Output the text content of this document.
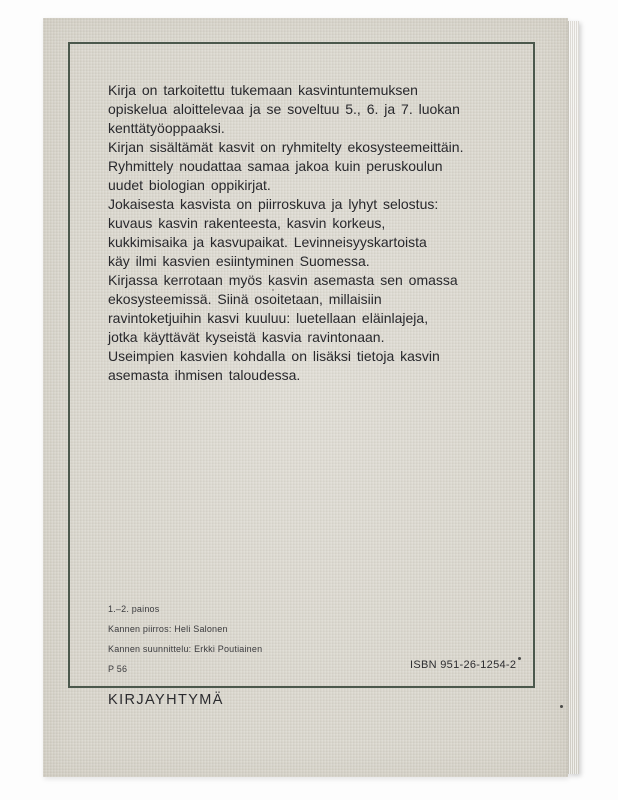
Kirja on tarkoitettu tukemaan kasvintuntemuksen
opiskelua aloittelevaa ja se soveltuu 5., 6. ja 7. luokan
kenttätyöoppaaksi.
Kirjan sisältämät kasvit on ryhmitelty ekosysteemeittäin.
Ryhmittely noudattaa samaa jakoa kuin peruskoulun
uudet biologian oppikirjat.
Jokaisesta kasvista on piirroskuva ja lyhyt selostus:
kuvaus kasvin rakenteesta, kasvin korkeus,
kukkimisaika ja kasvupaikat. Levinneisyyskartoista
käy ilmi kasvien esiintyminen Suomessa.
Kirjassa kerrotaan myös kasvin asemasta sen omassa
ekosysteemissä. Siinä osoitetaan, millaisiin
ravintoketjuihin kasvi kuuluu: luetellaan eläinlajeja,
jotka käyttävät kyseistä kasvia ravintonaan.
Useimpien kasvien kohdalla on lisäksi tietoja kasvin
asemasta ihmisen taloudessa.
1.–2. painos
Kannen piirros: Heli Salonen
Kannen suunnittelu: Erkki Poutiainen
P 56	ISBN 951-26-1254-2
KIRJAYHTYMÄ
